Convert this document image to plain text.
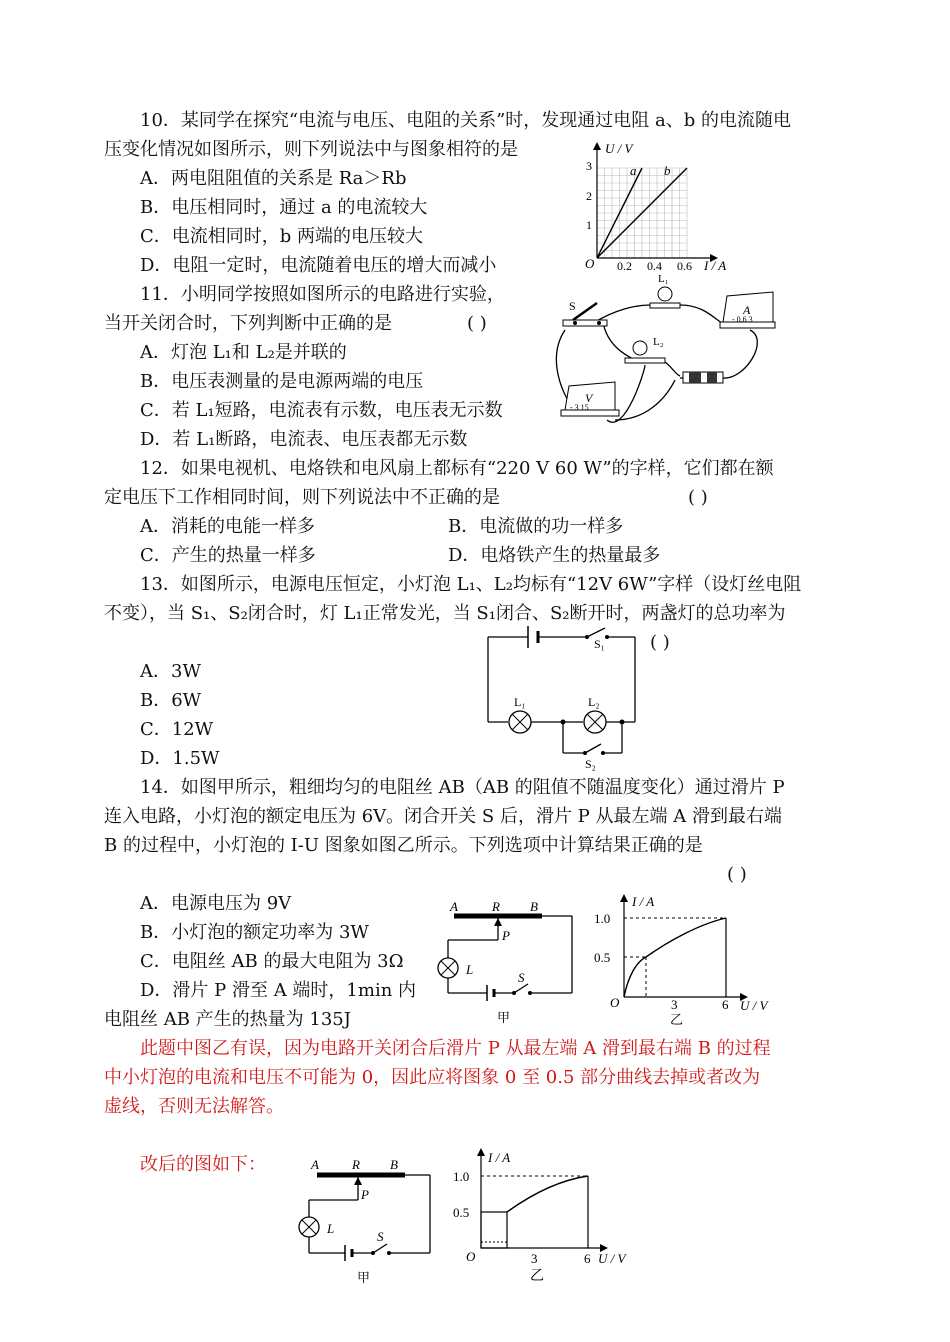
10．某同学在探究“电流与电压、电阻的关系”时，发现通过电阻 a、b 的电流随电
压变化情况如图所示，则下列说法中与图象相符的是
A．两电阻阻值的关系是 Ra＞Rb
B．电压相同时，通过 a 的电流较大
C．电流相同时，b 两端的电压较大
D．电阻一定时，电流随着电压的增大而减小
U / V
I / A
O
1
2
3
0.2 0.4 0.6
a b
11．小明同学按照如图所示的电路进行实验，
当开关闭合时，下列判断中正确的是	( )
A．灯泡 L₁和 L₂是并联的
B．电压表测量的是电源两端的电压
C．若 L₁短路，电流表有示数，电压表无示数
D．若 L₁断路，电流表、电压表都无示数
S
L₁
L₂
A
- 0.6 3
V
- 3 15
12．如果电视机、电烙铁和电风扇上都标有“220 V 60 W”的字样，它们都在额
定电压下工作相同时间，则下列说法中不正确的是	( )
A．消耗的电能一样多	B．电流做的功一样多
C．产生的热量一样多	D．电烙铁产生的热量最多
13．如图所示，电源电压恒定，小灯泡 L₁、L₂均标有“12V 6W”字样（设灯丝电阻
不变），当 S₁、S₂闭合时，灯 L₁正常发光，当 S₁闭合、S₂断开时，两盏灯的总功率为
( )
A．3W
B．6W
C．12W
D．1.5W
S₁
L₁	L₂
S₂
14．如图甲所示，粗细均匀的电阻丝 AB（AB 的阻值不随温度变化）通过滑片 P
连入电路，小灯泡的额定电压为 6V。闭合开关 S 后，滑片 P 从最左端 A 滑到最右端
B 的过程中，小灯泡的 I-U 图象如图乙所示。下列选项中计算结果正确的是
( )
A．电源电压为 9V
B．小灯泡的额定功率为 3W
C．电阻丝 AB 的最大电阻为 3Ω
D．滑片 P 滑至 A 端时，1min 内
电阻丝 AB 产生的热量为 135J
A	R B
P
L
S
甲
I / A
U / V
1.0
0.5
O	3	6
乙
此题中图乙有误，因为电路开关闭合后滑片 P 从最左端 A 滑到最右端 B 的过程
中小灯泡的电流和电压不可能为 0，因此应将图象 0 至 0.5 部分曲线去掉或者改为
虚线，否则无法解答。
改后的图如下：	A	R B
P
L
S
甲
I / A
U / V
1.0
0.5
O	3	6
乙
